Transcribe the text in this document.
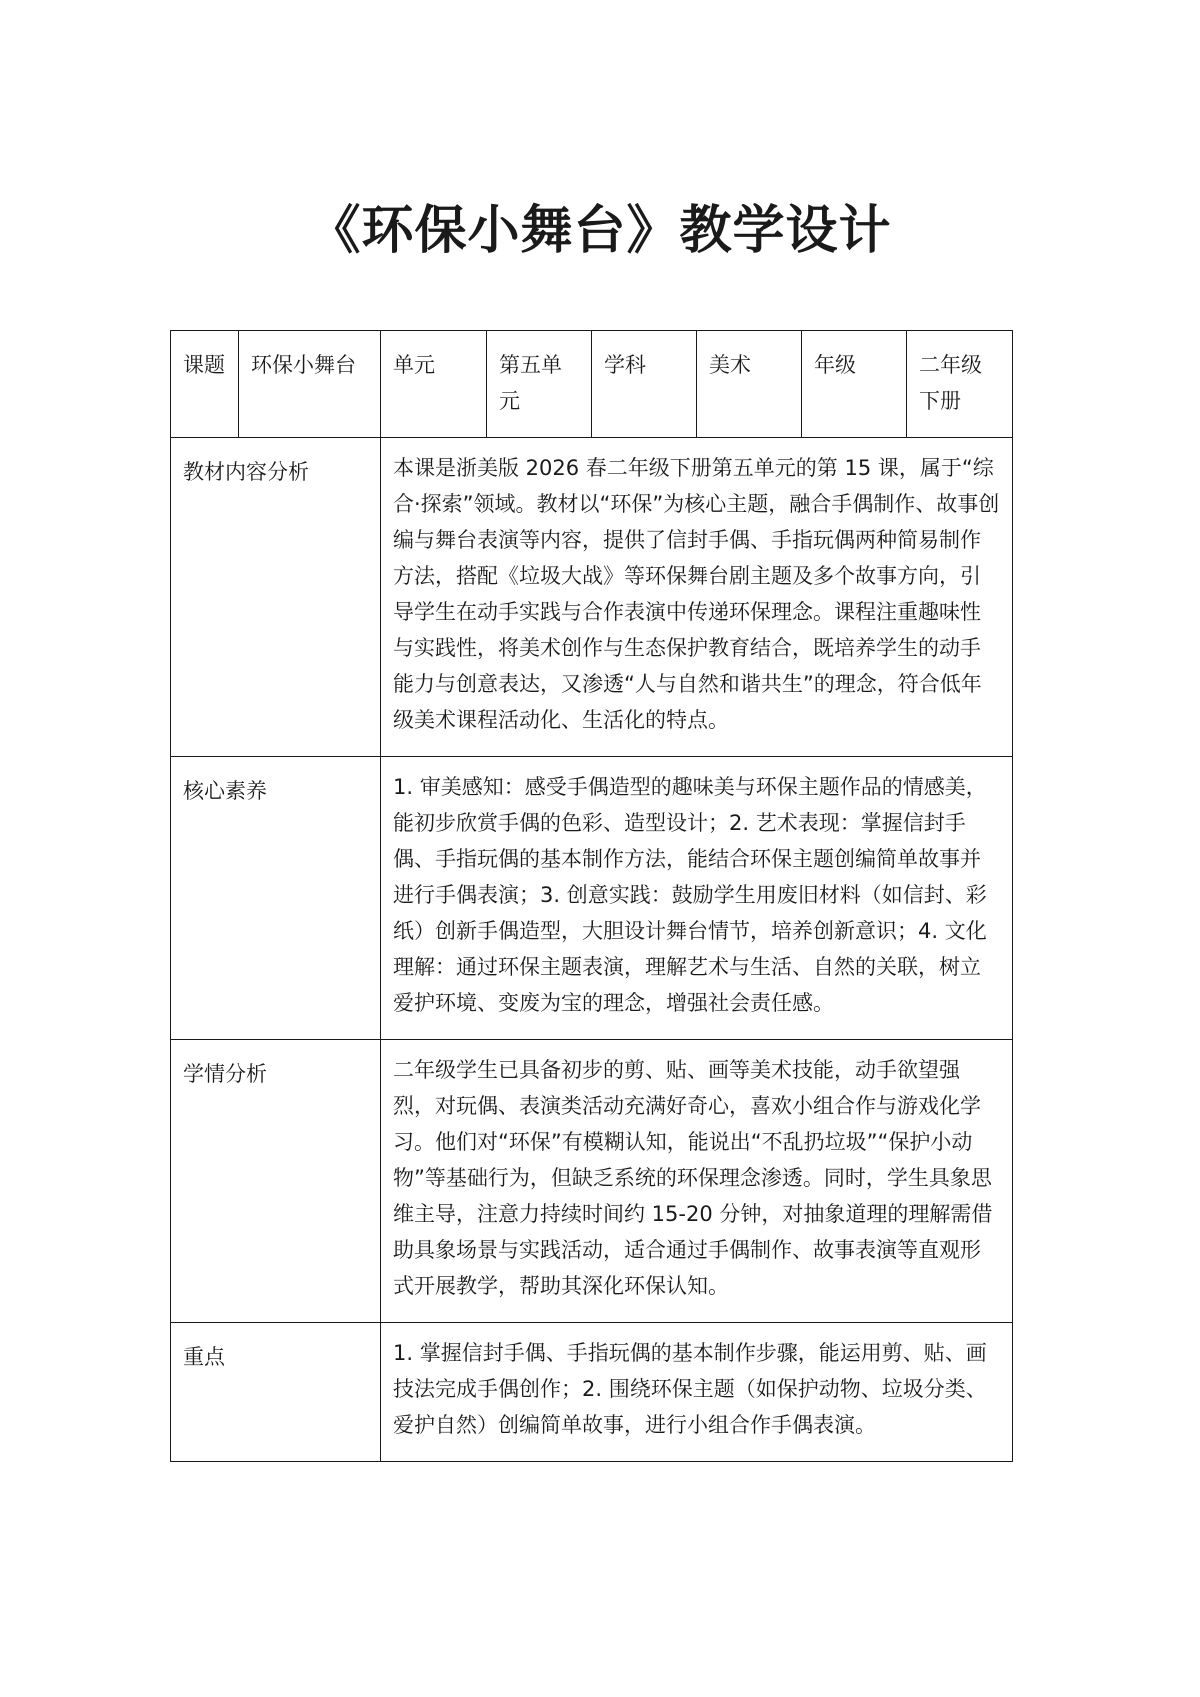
《环保小舞台》教学设计
课题	环保小舞台	单元	第五单元	学科	美术	年级	二年级下册
教材内容分析		本课是浙美版 2026 春二年级下册第五单元的第 15 课，属于“综合·探索”领域。教材以“环保”为核心主题，融合手偶制作、故事创编与舞台表演等内容，提供了信封手偶、手指玩偶两种简易制作方法，搭配《垃圾大战》等环保舞台剧主题及多个故事方向，引导学生在动手实践与合作表演中传递环保理念。课程注重趣味性与实践性，将美术创作与生态保护教育结合，既培养学生的动手能力与创意表达，又渗透“人与自然和谐共生”的理念，符合低年级美术课程活动化、生活化的特点。					
核心素养		1. 审美感知：感受手偶造型的趣味美与环保主题作品的情感美，能初步欣赏手偶的色彩、造型设计；2. 艺术表现：掌握信封手偶、手指玩偶的基本制作方法，能结合环保主题创编简单故事并进行手偶表演；3. 创意实践：鼓励学生用废旧材料（如信封、彩纸）创新手偶造型，大胆设计舞台情节，培养创新意识；4. 文化理解：通过环保主题表演，理解艺术与生活、自然的关联，树立爱护环境、变废为宝的理念，增强社会责任感。					
学情分析		二年级学生已具备初步的剪、贴、画等美术技能，动手欲望强烈，对玩偶、表演类活动充满好奇心，喜欢小组合作与游戏化学习。他们对“环保”有模糊认知，能说出“不乱扔垃圾”“保护小动物”等基础行为，但缺乏系统的环保理念渗透。同时，学生具象思维主导，注意力持续时间约 15-20 分钟，对抽象道理的理解需借助具象场景与实践活动，适合通过手偶制作、故事表演等直观形式开展教学，帮助其深化环保认知。					
重点		1. 掌握信封手偶、手指玩偶的基本制作步骤，能运用剪、贴、画技法完成手偶创作；2. 围绕环保主题（如保护动物、垃圾分类、爱护自然）创编简单故事，进行小组合作手偶表演。					
